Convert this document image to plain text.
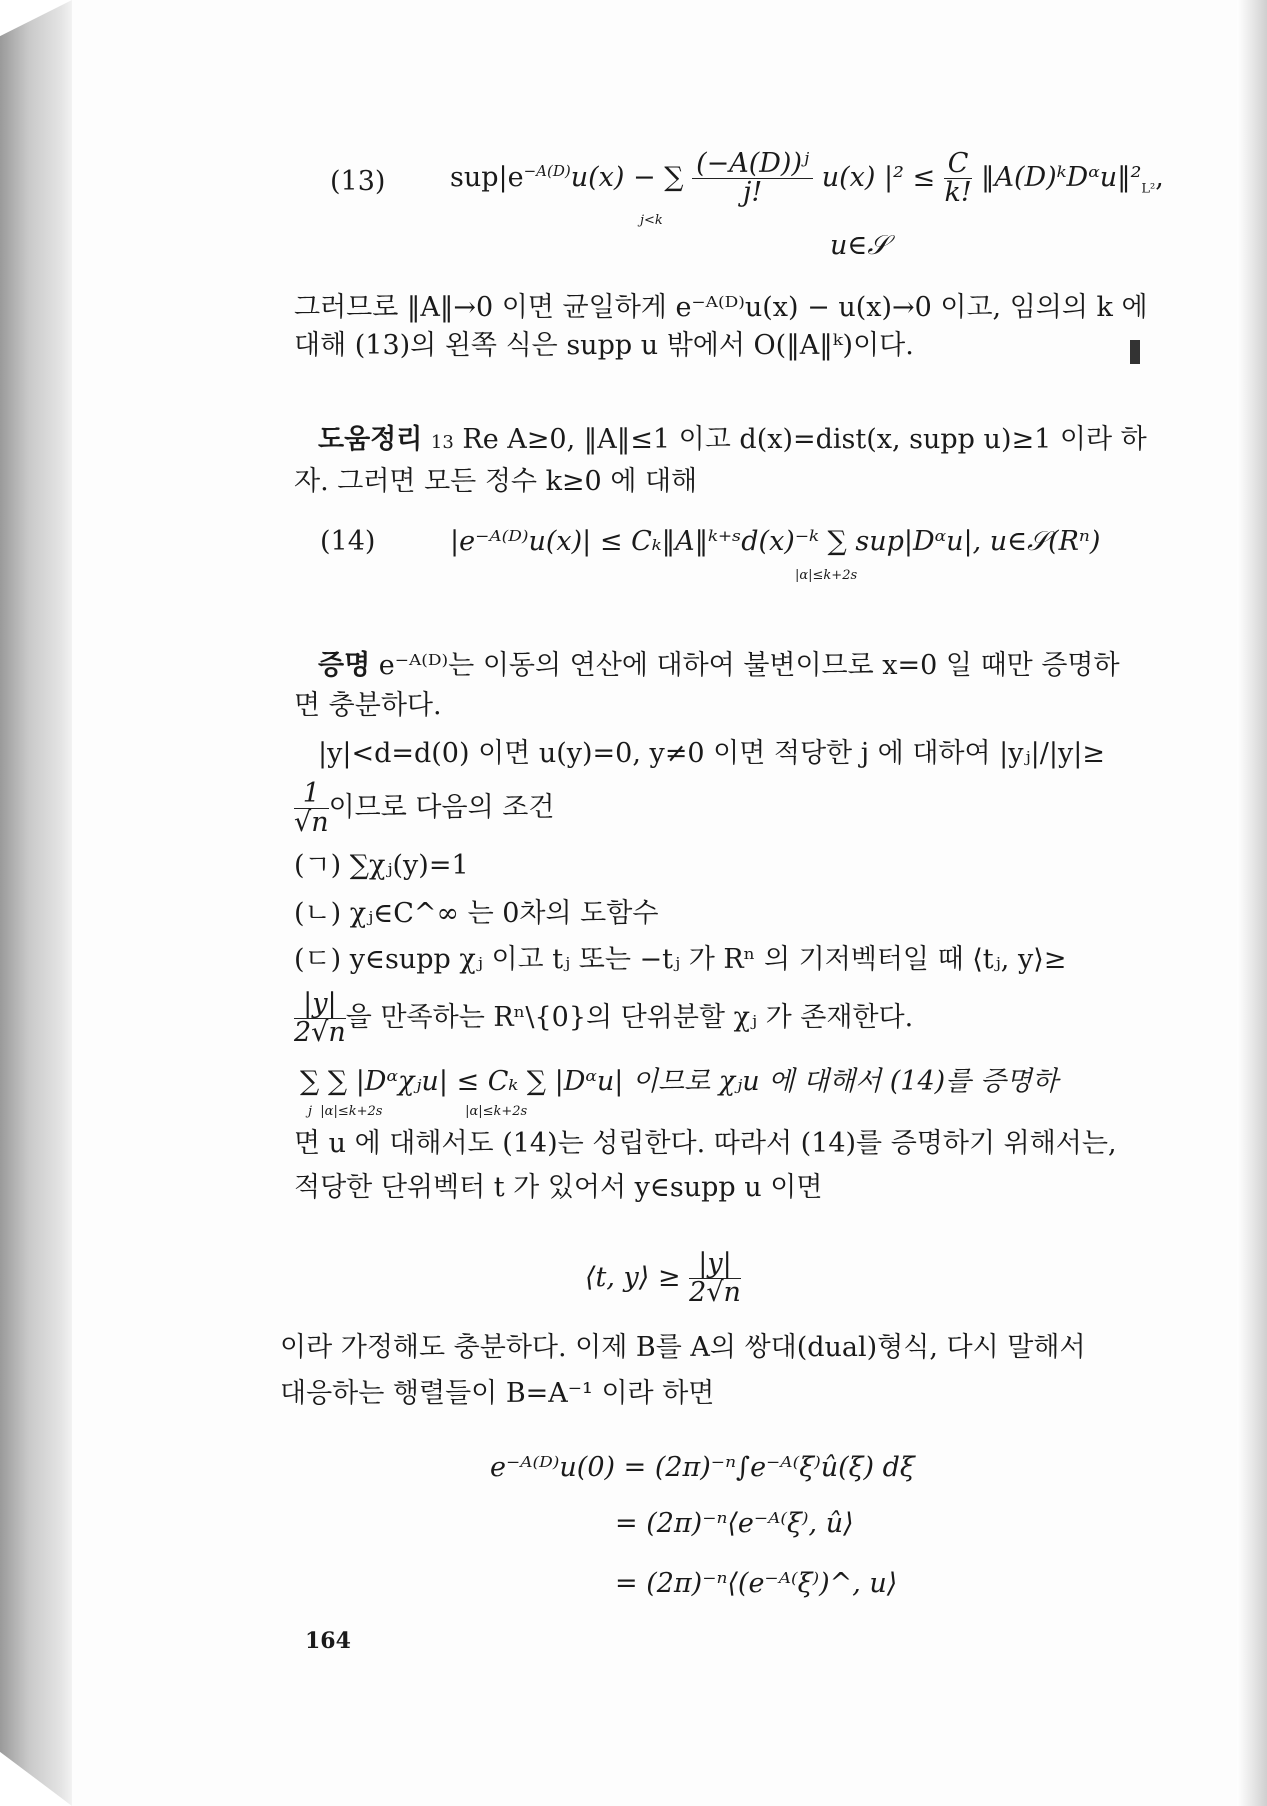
(13) $sup|e^{-A(D)}u(x)$ − ∑ $\frac{\text{(−A(D))ʲ}}{j!} u(x) |^2 \le \frac{C}{k!}$ $‖A(D)ᵏDᵅu‖^2_{L^2}$,
j<k
u∈𝒮
그러므로 ‖A‖→0 이면 균일하게 e⁻ᴬ⁽ᴰ⁾u(x) − u(x)→0 이고, 임의의 k 에
대해 (13)의 왼쪽 식은 supp u 밖에서 O(‖A‖ᵏ)이다.
도움정리 13 Re A≥0, ‖A‖≤1 이고 d(x)=dist(x, supp u)≥1 이라 하
자. 그러면 모든 정수 k≥0 에 대해
(14)	|e⁻ᴬ⁽ᴰ⁾u(x)| ≤ Cₖ‖A‖ᵏ⁺ˢd(x)⁻ᵏ ∑ sup|Dᵅu|, u∈𝒮(Rⁿ)
|α|≤k+2s
증명 e⁻ᴬ⁽ᴰ⁾는 이동의 연산에 대하여 불변이므로 x=0 일 때만 증명하
면 충분하다.
|y|<d=d(0) 이면 u(y)=0, y≠0 이면 적당한 j 에 대하여 |yⱼ|/|y|≥
$\frac{1}{√n}$ 이므로 다음의 조건
(ㄱ) ∑χⱼ(y)=1
(ㄴ) χⱼ∈C^∞ 는 0차의 도함수
(ㄷ) y∈supp χⱼ 이고 tⱼ 또는 −tⱼ 가 Rⁿ 의 기저벡터일 때 ⟨tⱼ, y⟩≥
$\frac{|y|}{2√n}$ 을 만족하는 Rⁿ\{0}의 단위분할 χⱼ 가 존재한다.
∑ ∑ |Dᵅχⱼu| ≤ Cₖ ∑ |Dᵅu| 이므로 χⱼu 에 대해서 (14)를 증명하
j  |α|≤k+2s                    |α|≤k+2s
면 u 에 대해서도 (14)는 성립한다. 따라서 (14)를 증명하기 위해서는,
적당한 단위벡터 t 가 있어서 y∈supp u 이면
⟨t, y⟩ ≥ $\frac{|y|}{2√n}$
이라 가정해도 충분하다. 이제 B를 A의 쌍대(dual)형식, 다시 말해서
대응하는 행렬들이 B=A⁻¹ 이라 하면
e⁻ᴬ⁽ᴰ⁾u(0) = (2π)⁻ⁿ∫e⁻ᴬ⁽ξ⁾û(ξ) dξ
= (2π)⁻ⁿ⟨e⁻ᴬ⁽ξ⁾, û⟩
= (2π)⁻ⁿ⟨(e⁻ᴬ⁽ξ⁾)^, u⟩
164
